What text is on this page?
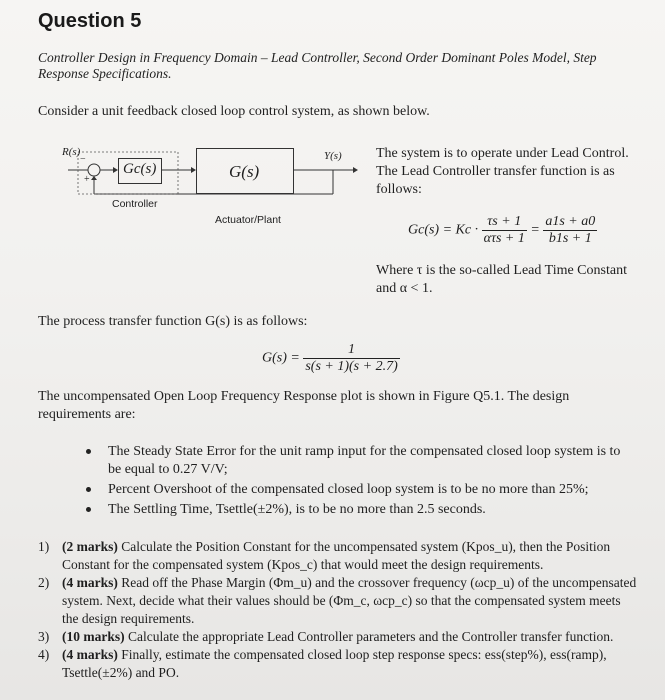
Question 5
Controller Design in Frequency Domain – Lead Controller, Second Order Dominant Poles Model, Step Response Specifications.
Consider a unit feedback closed loop control system, as shown below.
Gc(s)	G(s)
R(s)
+
−	Y(s)
Controller
Actuator/Plant
The system is to operate under Lead Control. The Lead Controller transfer function is as follows:
$Gc(s) = Kc \cdot \frac{\tau s + 1}{\text{ατs + 1}} = \frac{a1s + a0}{b1s + 1}$
Where τ is the so-called Lead Time Constant and α < 1.
The process transfer function G(s) is as follows:
$G(s) = \frac{1}{s(s + 1)(s + 2.7)}$
The uncompensated Open Loop Frequency Response plot is shown in Figure Q5.1. The design requirements are:
The Steady State Error for the unit ramp input for the compensated closed loop system is to be equal to 0.27 V/V;
Percent Overshoot of the compensated closed loop system is to be no more than 25%;
The Settling Time, Tsettle(±2%), is to be no more than 2.5 seconds.
1) (2 marks) Calculate the Position Constant for the uncompensated system (Kpos_u), then the Position Constant for the compensated system (Kpos_c) that would meet the design requirements.
2) (4 marks) Read off the Phase Margin (Φm_u) and the crossover frequency (ωcp_u) of the uncompensated system. Next, decide what their values should be (Φm_c, ωcp_c) so that the compensated system meets the design requirements.
3) (10 marks) Calculate the appropriate Lead Controller parameters and the Controller transfer function.
4) (4 marks) Finally, estimate the compensated closed loop step response specs: ess(step%), ess(ramp), Tsettle(±2%) and PO.
